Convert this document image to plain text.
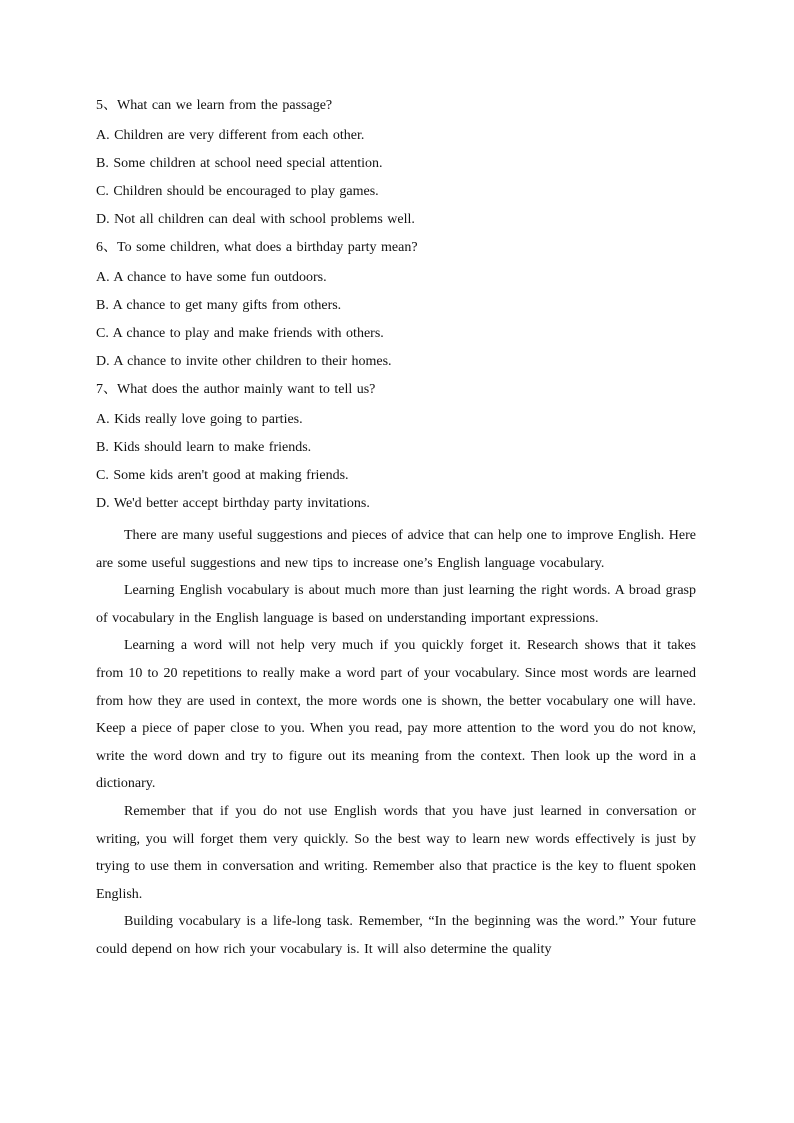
5、What can we learn from the passage?
A. Children are very different from each other.
B. Some children at school need special attention.
C. Children should be encouraged to play games.
D. Not all children can deal with school problems well.
6、To some children, what does a birthday party mean?
A. A chance to have some fun outdoors.
B. A chance to get many gifts from others.
C. A chance to play and make friends with others.
D. A chance to invite other children to their homes.
7、What does the author mainly want to tell us?
A. Kids really love going to parties.
B. Kids should learn to make friends.
C. Some kids aren't good at making friends.
D. We'd better accept birthday party invitations.

There are many useful suggestions and pieces of advice that can help one to improve English. Here are some useful suggestions and new tips to increase one’s English language vocabulary.

Learning English vocabulary is about much more than just learning the right words. A broad grasp of vocabulary in the English language is based on understanding important expressions.

Learning a word will not help very much if you quickly forget it. Research shows that it takes from 10 to 20 repetitions to really make a word part of your vocabulary. Since most words are learned from how they are used in context, the more words one is shown, the better vocabulary one will have. Keep a piece of paper close to you. When you read, pay more attention to the word you do not know, write the word down and try to figure out its meaning from the context. Then look up the word in a dictionary.

Remember that if you do not use English words that you have just learned in conversation or writing, you will forget them very quickly. So the best way to learn new words effectively is just by trying to use them in conversation and writing. Remember also that practice is the key to fluent spoken English.

Building vocabulary is a life-long task. Remember, “In the beginning was the word.” Your future could depend on how rich your vocabulary is. It will also determine the quality
